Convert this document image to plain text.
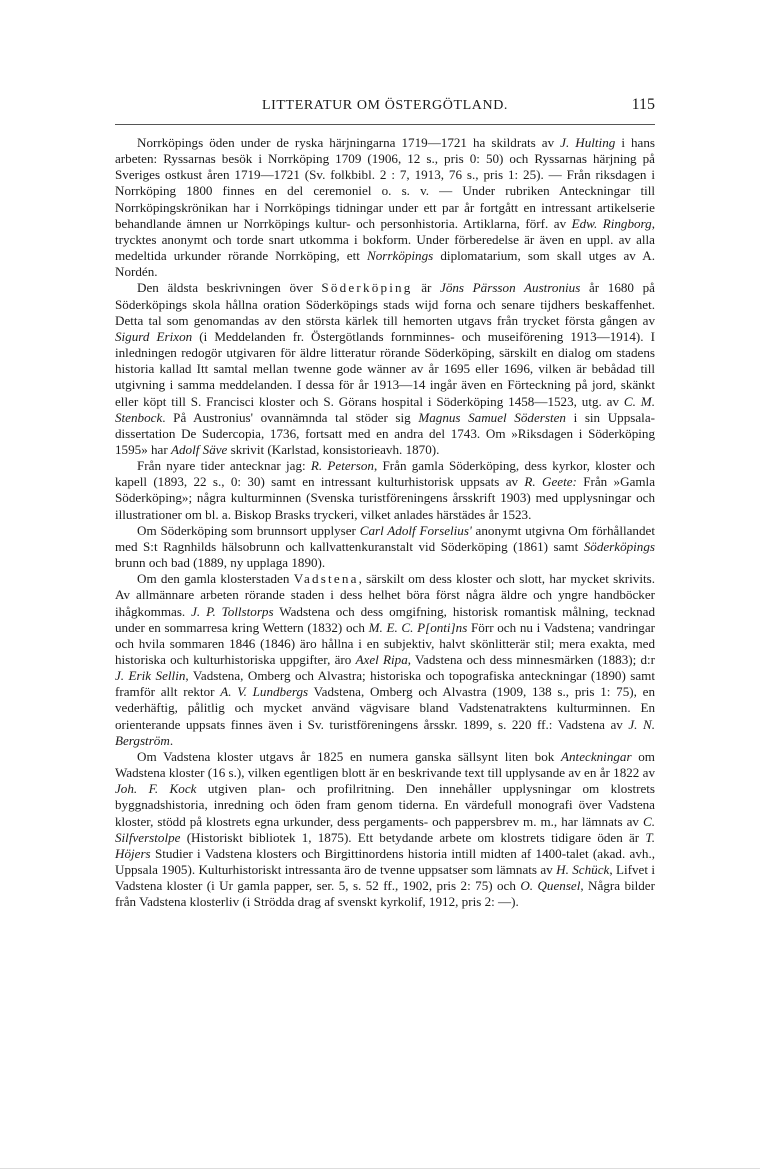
LITTERATUR OM ÖSTERGÖTLAND.	115

Norrköpings öden under de ryska härjningarna 1719—1721 ha skildrats av J. Hulting i hans arbeten: Ryssarnas besök i Norrköping 1709 (1906, 12 s., pris 0: 50) och Ryssarnas härjning på Sveriges ostkust åren 1719—1721 (Sv. folkbibl. 2 : 7, 1913, 76 s., pris 1: 25). — Från riksdagen i Norrköping 1800 finnes en del ceremoniel o. s. v. — Under rubriken Anteckningar till Norrköpingskrönikan har i Norrköpings tidningar under ett par år fortgått en intressant artikelserie behandlande ämnen ur Norrköpings kultur- och personhistoria. Artiklarna, förf. av Edw. Ringborg, trycktes anonymt och torde snart utkomma i bokform. Under förberedelse är även en uppl. av alla medeltida urkunder rörande Norrköping, ett Norrköpings diplomatarium, som skall utges av A. Nordén.

Den äldsta beskrivningen över Söderköping är Jöns Pärsson Austronius år 1680 på Söderköpings skola hållna oration Söderköpings stads wijd forna och senare tijdhers beskaffenhet. Detta tal som genomandas av den största kärlek till hemorten utgavs från trycket första gången av Sigurd Erixon (i Meddelanden fr. Östergötlands fornminnes- och museiförening 1913—1914). I inledningen redogör utgivaren för äldre litteratur rörande Söderköping, särskilt en dialog om stadens historia kallad Itt samtal mellan twenne gode wänner av år 1695 eller 1696, vilken är bebådad till utgivning i samma meddelanden. I dessa för år 1913—14 ingår även en Förteckning på jord, skänkt eller köpt till S. Francisci kloster och S. Görans hospital i Söderköping 1458—1523, utg. av C. M. Stenbock. På Austronius' ovannämnda tal stöder sig Magnus Samuel Södersten i sin Uppsala-dissertation De Sudercopia, 1736, fortsatt med en andra del 1743. Om »Riksdagen i Söderköping 1595» har Adolf Säve skrivit (Karlstad, konsistorieavh. 1870).

Från nyare tider antecknar jag: R. Peterson, Från gamla Söderköping, dess kyrkor, kloster och kapell (1893, 22 s., 0: 30) samt en intressant kulturhistorisk uppsats av R. Geete: Från »Gamla Söderköping»; några kulturminnen (Svenska turistföreningens årsskrift 1903) med upplysningar och illustrationer om bl. a. Biskop Brasks tryckeri, vilket anlades härstädes år 1523.

Om Söderköping som brunnsort upplyser Carl Adolf Forselius' anonymt utgivna Om förhållandet med S:t Ragnhilds hälsobrunn och kallvattenkuranstalt vid Söderköping (1861) samt Söderköpings brunn och bad (1889, ny upplaga 1890).

Om den gamla klosterstaden Vadstena, särskilt om dess kloster och slott, har mycket skrivits. Av allmännare arbeten rörande staden i dess helhet böra först några äldre och yngre handböcker ihågkommas. J. P. Tollstorps Wadstena och dess omgifning, historisk romantisk målning, tecknad under en sommarresa kring Wettern (1832) och M. E. C. P[onti]ns Förr och nu i Vadstena; vandringar och hvila sommaren 1846 (1846) äro hållna i en subjektiv, halvt skönlitterär stil; mera exakta, med historiska och kulturhistoriska uppgifter, äro Axel Ripa, Vadstena och dess minnesmärken (1883); d:r J. Erik Sellin, Vadstena, Omberg och Alvastra; historiska och topografiska anteckningar (1890) samt framför allt rektor A. V. Lundbergs Vadstena, Omberg och Alvastra (1909, 138 s., pris 1: 75), en vederhäftig, pålitlig och mycket använd vägvisare bland Vadstenatraktens kulturminnen. En orienterande uppsats finnes även i Sv. turistföreningens årsskr. 1899, s. 220 ff.: Vadstena av J. N. Bergström.

Om Vadstena kloster utgavs år 1825 en numera ganska sällsynt liten bok Anteckningar om Wadstena kloster (16 s.), vilken egentligen blott är en beskrivande text till upplysande av en år 1822 av Joh. F. Kock utgiven plan- och profilritning. Den innehåller upplysningar om klostrets byggnadshistoria, inredning och öden fram genom tiderna. En värdefull monografi över Vadstena kloster, stödd på klostrets egna urkunder, dess pergaments- och pappersbrev m. m., har lämnats av C. Silfverstolpe (Historiskt bibliotek 1, 1875). Ett betydande arbete om klostrets tidigare öden är T. Höjers Studier i Vadstena klosters och Birgittinordens historia intill midten af 1400-talet (akad. avh., Uppsala 1905). Kulturhistoriskt intressanta äro de tvenne uppsatser som lämnats av H. Schück, Lifvet i Vadstena kloster (i Ur gamla papper, ser. 5, s. 52 ff., 1902, pris 2: 75) och O. Quensel, Några bilder från Vadstena klosterliv (i Strödda drag af svenskt kyrkolif, 1912, pris 2: —).
